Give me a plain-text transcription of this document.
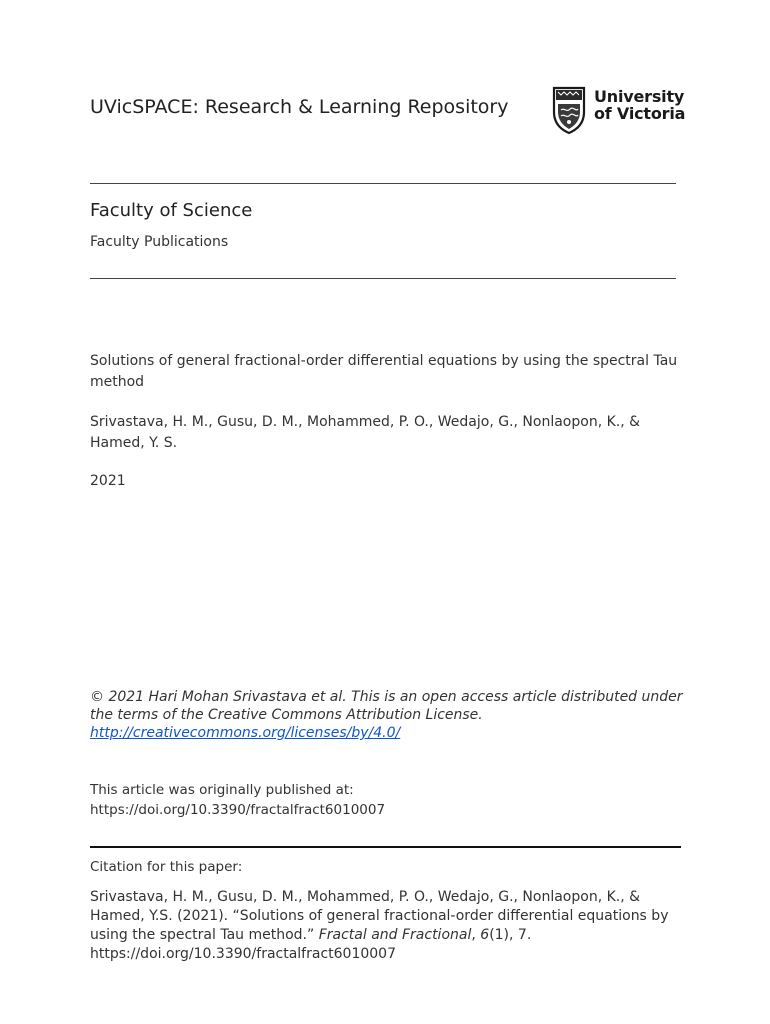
UVicSPACE: Research & Learning Repository	University
of Victoria
Faculty of Science
Faculty Publications
Solutions of general fractional-order differential equations by using the spectral Tau method
Srivastava, H. M., Gusu, D. M., Mohammed, P. O., Wedajo, G., Nonlaopon, K., & Hamed, Y. S.
2021
© 2021 Hari Mohan Srivastava et al. This is an open access article distributed under the terms of the Creative Commons Attribution License.
http://creativecommons.org/licenses/by/4.0/
This article was originally published at:
https://doi.org/10.3390/fractalfract6010007
Citation for this paper:
Srivastava, H. M., Gusu, D. M., Mohammed, P. O., Wedajo, G., Nonlaopon, K., & Hamed, Y.S. (2021). “Solutions of general fractional-order differential equations by using the spectral Tau method.” Fractal and Fractional, 6(1), 7.
https://doi.org/10.3390/fractalfract6010007
